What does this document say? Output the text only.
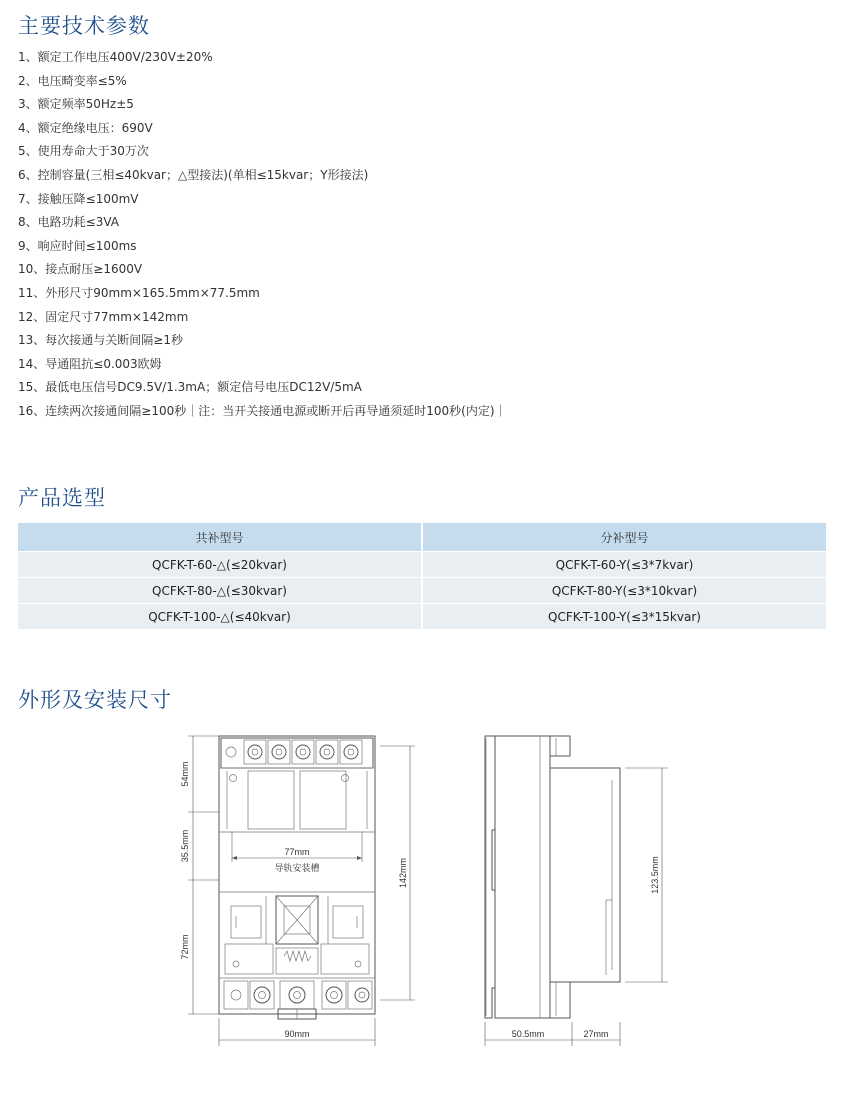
主要技术参数
1、额定工作电压400V/230V±20%
2、电压畸变率≤5%
3、额定频率50Hz±5
4、额定绝缘电压：690V
5、使用寿命大于30万次
6、控制容量(三相≤40kvar；△型接法)(单相≤15kvar；Y形接法)
7、接触压降≤100mV
8、电路功耗≤3VA
9、响应时间≤100ms
10、接点耐压≥1600V
11、外形尺寸90mm×165.5mm×77.5mm
12、固定尺寸77mm×142mm
13、每次接通与关断间隔≥1秒
14、导通阻抗≤0.003欧姆
15、最低电压信号DC9.5V/1.3mA；额定信号电压DC12V/5mA
16、连续两次接通间隔≥100秒｜注：当开关接通电源或断开后再导通须延时100秒(内定)｜
产品选型
共补型号	分补型号
QCFK-T-60-△(≤20kvar)	QCFK-T-60-Y(≤3*7kvar)
QCFK-T-80-△(≤30kvar)	QCFK-T-80-Y(≤3*10kvar)
QCFK-T-100-△(≤40kvar)	QCFK-T-100-Y(≤3*15kvar)
外形及安装尺寸
54mm
35.5mm
72mm
142mm
77mm
导轨安装槽
90mm	50.5mm	27mm
123.5mm
